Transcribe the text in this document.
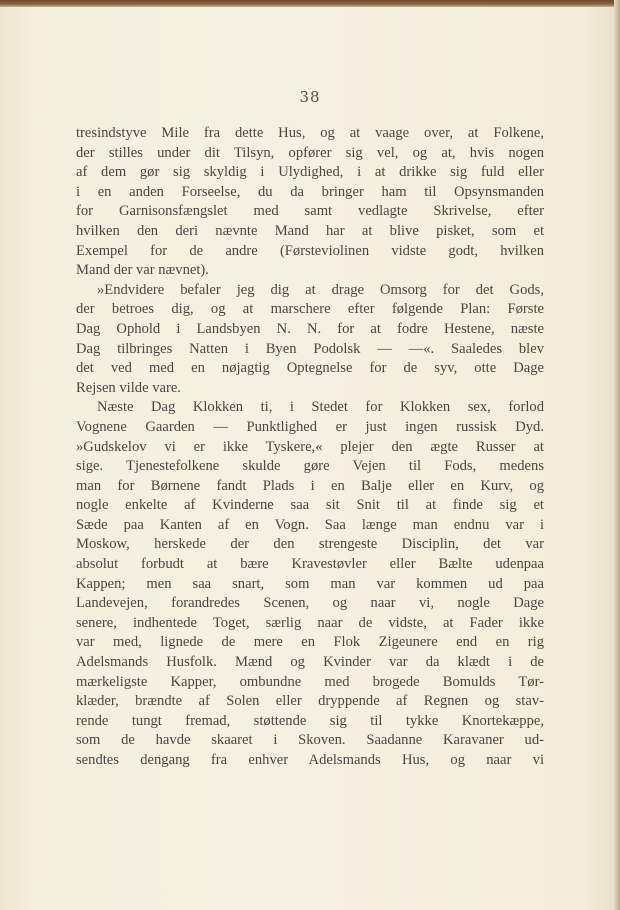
38
tresindstyve Mile fra dette Hus, og at vaage over, at Folkene,
der stilles under dit Tilsyn, opfører sig vel, og at, hvis nogen
af dem gør sig skyldig i Ulydighed, i at drikke sig fuld eller
i en anden Forseelse, du da bringer ham til Opsynsmanden
for Garnisonsfængslet med samt vedlagte Skrivelse, efter
hvilken den deri nævnte Mand har at blive pisket, som et
Exempel for de andre (Førsteviolinen vidste godt, hvilken
Mand der var nævnet).
»Endvidere befaler jeg dig at drage Omsorg for det Gods,
der betroes dig, og at marschere efter følgende Plan: Første
Dag Ophold i Landsbyen N. N. for at fodre Hestene, næste
Dag tilbringes Natten i Byen Podolsk — —«. Saaledes blev
det ved med en nøjagtig Optegnelse for de syv, otte Dage
Rejsen vilde vare.
Næste Dag Klokken ti, i Stedet for Klokken sex, forlod
Vognene Gaarden — Punktlighed er just ingen russisk Dyd.
»Gudskelov vi er ikke Tyskere,« plejer den ægte Russer at
sige. Tjenestefolkene skulde gøre Vejen til Fods, medens
man for Børnene fandt Plads i en Balje eller en Kurv, og
nogle enkelte af Kvinderne saa sit Snit til at finde sig et
Sæde paa Kanten af en Vogn. Saa længe man endnu var i
Moskow, herskede der den strengeste Disciplin, det var
absolut forbudt at bære Kravestøvler eller Bælte udenpaa
Kappen; men saa snart, som man var kommen ud paa
Landevejen, forandredes Scenen, og naar vi, nogle Dage
senere, indhentede Toget, særlig naar de vidste, at Fader ikke
var med, lignede de mere en Flok Zigeunere end en rig
Adelsmands Husfolk. Mænd og Kvinder var da klædt i de
mærkeligste Kapper, ombundne med brogede Bomulds Tør-
klæder, brændte af Solen eller dryppende af Regnen og stav-
rende tungt fremad, støttende sig til tykke Knortekæppe,
som de havde skaaret i Skoven. Saadanne Karavaner ud-
sendtes dengang fra enhver Adelsmands Hus, og naar vi
